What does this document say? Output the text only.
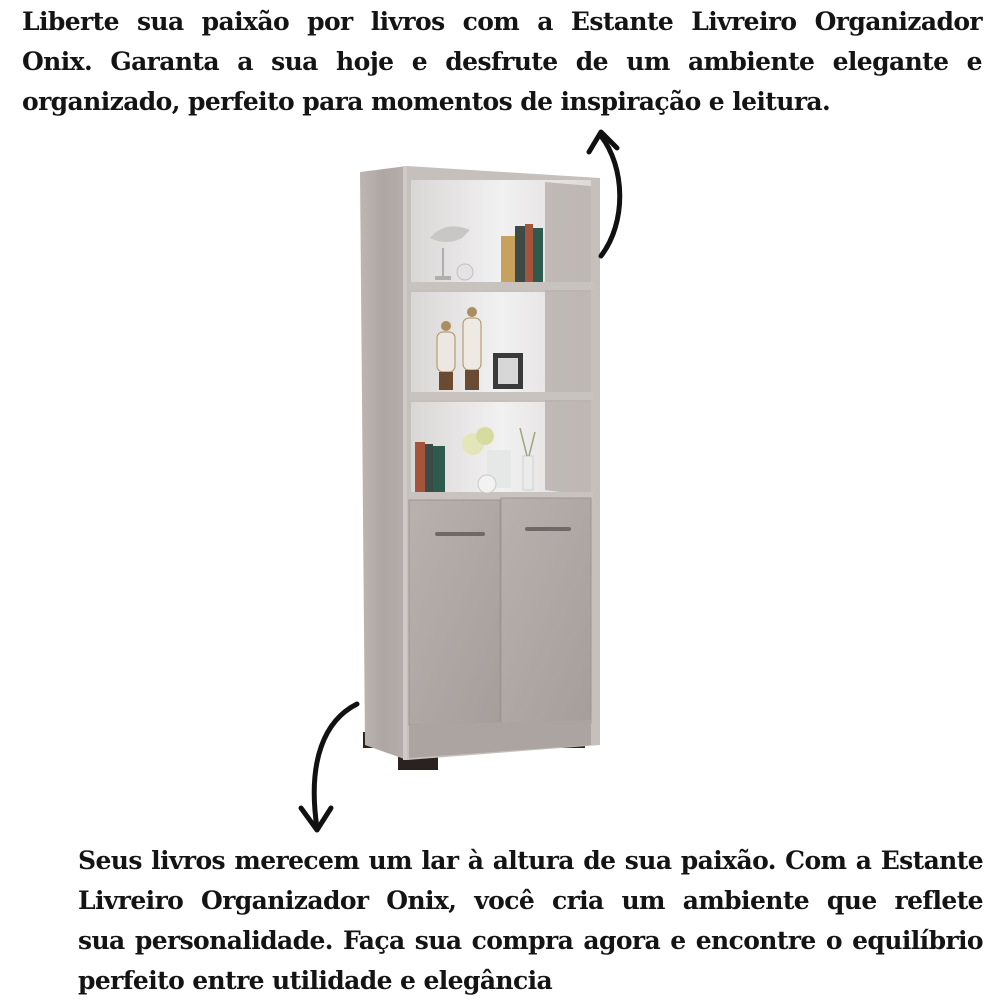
Liberte sua paixão por livros com a Estante Livreiro Organizador
Onix. Garanta a sua hoje e desfrute de um ambiente elegante e
organizado, perfeito para momentos de inspiração e leitura.
Seus livros merecem um lar à altura de sua paixão. Com a Estante
Livreiro Organizador Onix, você cria um ambiente que reflete
sua personalidade. Faça sua compra agora e encontre o equilíbrio
perfeito entre utilidade e elegância
